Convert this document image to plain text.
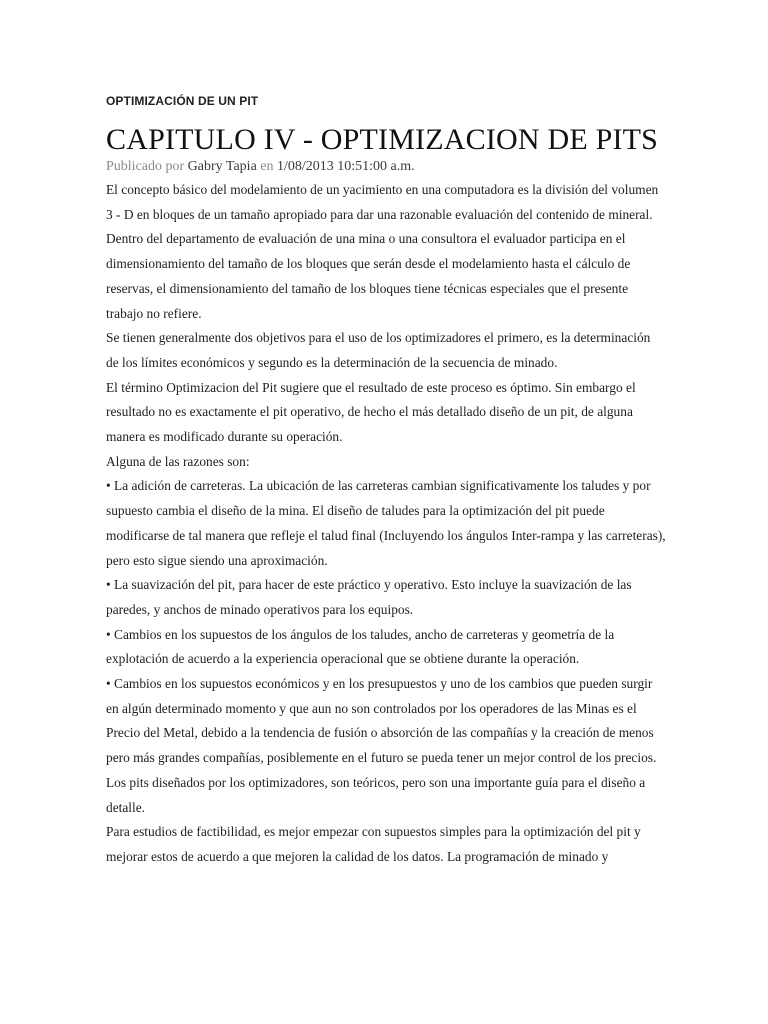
OPTIMIZACIÓN DE UN PIT

CAPITULO IV - OPTIMIZACION DE PITS
Publicado por Gabry Tapia en 1/08/2013 10:51:00 a.m.

El concepto básico del modelamiento de un yacimiento en una computadora es la división del volumen 3 - D en bloques de un tamaño apropiado para dar una razonable evaluación del contenido de mineral.

Dentro del departamento de evaluación de una mina o una consultora el evaluador participa en el dimensionamiento del tamaño de los bloques que serán desde el modelamiento hasta el cálculo de reservas, el dimensionamiento del tamaño de los bloques tiene técnicas especiales que el presente trabajo no refiere.

Se tienen generalmente dos objetivos para el uso de los optimizadores el primero, es la determinación de los límites económicos y segundo es la determinación de la secuencia de minado.

El término Optimizacion del Pit sugiere que el resultado de este proceso es óptimo. Sin embargo el resultado no es exactamente el pit operativo, de hecho el más detallado diseño de un pit, de alguna manera es modificado durante su operación.

Alguna de las razones son:

• La adición de carreteras. La ubicación de las carreteras cambian significativamente los taludes y por supuesto cambia el diseño de la mina. El diseño de taludes para la optimización del pit puede modificarse de tal manera que refleje el talud final (Incluyendo los ángulos Inter-rampa y las carreteras), pero esto sigue siendo una aproximación.

• La suavización del pit, para hacer de este práctico y operativo. Esto incluye la suavización de las paredes, y anchos de minado operativos para los equipos.

• Cambios en los supuestos de los ángulos de los taludes, ancho de carreteras y geometría de la explotación de acuerdo a la experiencia operacional que se obtiene durante la operación.

• Cambios en los supuestos económicos y en los presupuestos y uno de los cambios que pueden surgir en algún determinado momento y que aun no son controlados por los operadores de las Minas es el Precio del Metal, debido a la tendencia de fusión o absorción de las compañías y la creación de menos pero más grandes compañías, posiblemente en el futuro se pueda tener un mejor control de los precios.

Los pits diseñados por los optimizadores, son teóricos, pero son una importante guía para el diseño a detalle.

Para estudios de factibilidad, es mejor empezar con supuestos simples para la optimización del pit y mejorar estos de acuerdo a que mejoren la calidad de los datos. La programación de minado y
